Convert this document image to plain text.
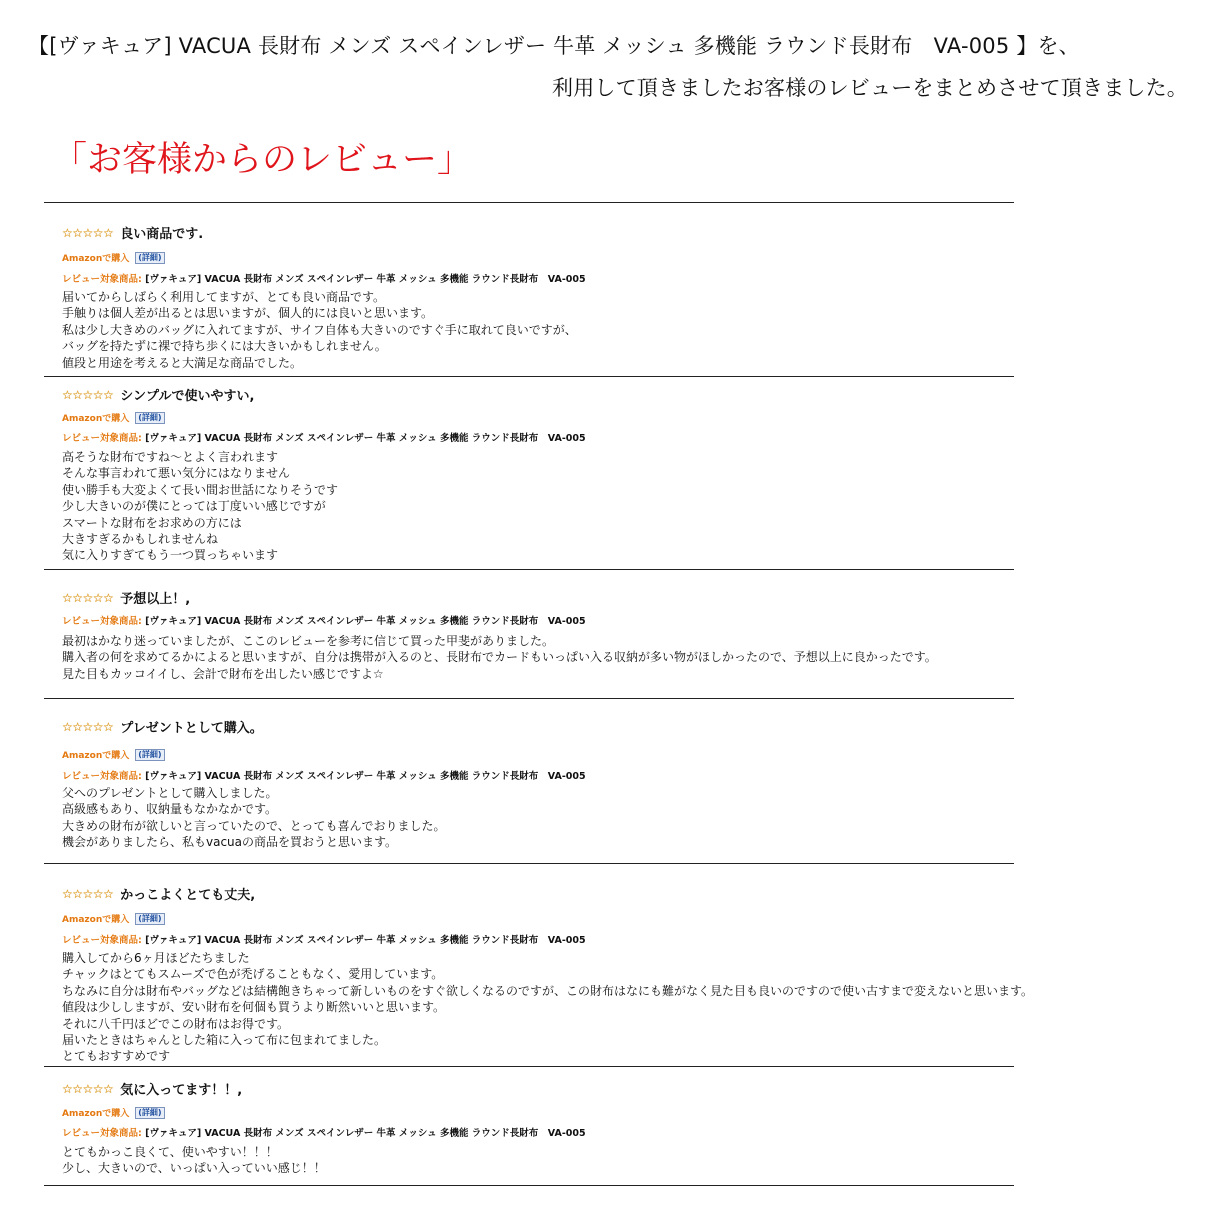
【[ヴァキュア] VACUA 長財布 メンズ スペインレザー 牛革 メッシュ 多機能 ラウンド長財布　VA-005 】を、
利用して頂きましたお客様のレビューをまとめさせて頂きました。
「お客様からのレビュー」
☆☆☆☆☆ 良い商品です.
Amazonで購入	(詳細)
レビュー対象商品: [ヴァキュア] VACUA 長財布 メンズ スペインレザー 牛革 メッシュ 多機能 ラウンド長財布　VA-005
届いてからしばらく利用してますが、とても良い商品です。
手触りは個人差が出るとは思いますが、個人的には良いと思います。
私は少し大きめのバッグに入れてますが、サイフ自体も大きいのですぐ手に取れて良いですが、
バッグを持たずに裸で持ち歩くには大きいかもしれません。
値段と用途を考えると大満足な商品でした。
☆☆☆☆☆ シンプルで使いやすい,
Amazonで購入	(詳細)
レビュー対象商品: [ヴァキュア] VACUA 長財布 メンズ スペインレザー 牛革 メッシュ 多機能 ラウンド長財布　VA-005
高そうな財布ですね〜とよく言われます
そんな事言われて悪い気分にはなりません
使い勝手も大変よくて長い間お世話になりそうです
少し大きいのが僕にとっては丁度いい感じですが
スマートな財布をお求めの方には
大きすぎるかもしれませんね
気に入りすぎてもう一つ買っちゃいます
☆☆☆☆☆ 予想以上！,
レビュー対象商品: [ヴァキュア] VACUA 長財布 メンズ スペインレザー 牛革 メッシュ 多機能 ラウンド長財布　VA-005
最初はかなり迷っていましたが、ここのレビューを参考に信じて買った甲斐がありました。
購入者の何を求めてるかによると思いますが、自分は携帯が入るのと、長財布でカードもいっぱい入る収納が多い物がほしかったので、予想以上に良かったです。
見た目もカッコイイし、会計で財布を出したい感じですよ☆
☆☆☆☆☆ プレゼントとして購入。
Amazonで購入	(詳細)
レビュー対象商品: [ヴァキュア] VACUA 長財布 メンズ スペインレザー 牛革 メッシュ 多機能 ラウンド長財布　VA-005
父へのプレゼントとして購入しました。
高級感もあり、収納量もなかなかです。
大きめの財布が欲しいと言っていたので、とっても喜んでおりました。
機会がありましたら、私もvacuaの商品を買おうと思います。
☆☆☆☆☆ かっこよくとても丈夫,
Amazonで購入	(詳細)
レビュー対象商品: [ヴァキュア] VACUA 長財布 メンズ スペインレザー 牛革 メッシュ 多機能 ラウンド長財布　VA-005
購入してから6ヶ月ほどたちました
チャックはとてもスムーズで色が禿げることもなく、愛用しています。
ちなみに自分は財布やバッグなどは結構飽きちゃって新しいものをすぐ欲しくなるのですが、この財布はなにも難がなく見た目も良いのですので使い古すまで変えないと思います。
値段は少ししますが、安い財布を何個も買うより断然いいと思います。
それに八千円ほどでこの財布はお得です。
届いたときはちゃんとした箱に入って布に包まれてました。
とてもおすすめです
☆☆☆☆☆ 気に入ってます！！,
Amazonで購入	(詳細)
レビュー対象商品: [ヴァキュア] VACUA 長財布 メンズ スペインレザー 牛革 メッシュ 多機能 ラウンド長財布　VA-005
とてもかっこ良くて、使いやすい！！！
少し、大きいので、いっぱい入っていい感じ！！
